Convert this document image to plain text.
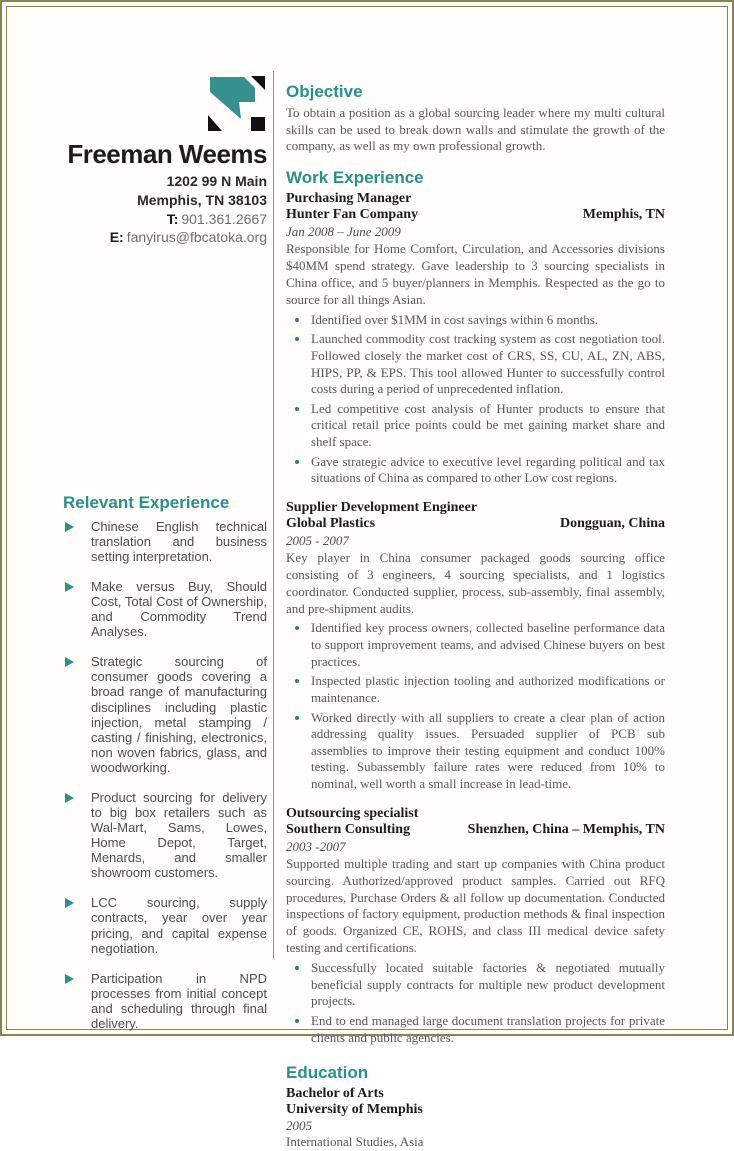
Freeman Weems
1202 99 N Main
Memphis, TN 38103
T: 901.361.2667
E: fanyirus@fbcatoka.org
Relevant Experience
Chinese English technical translation and business setting interpretation.
Make versus Buy, Should Cost, Total Cost of Ownership, and Commodity Trend Analyses.
Strategic sourcing of consumer goods covering a broad range of manufacturing disciplines including plastic injection, metal stamping / casting / finishing, electronics, non woven fabrics, glass, and woodworking.
Product sourcing for delivery to big box retailers such as Wal-Mart, Sams, Lowes, Home Depot, Target, Menards, and smaller showroom customers.
LCC sourcing, supply contracts, year over year pricing, and capital expense negotiation.
Participation in NPD processes from initial concept and scheduling through final delivery.
Objective

To obtain a position as a global sourcing leader where my multi cultural skills can be used to break down walls and stimulate the growth of the company, as well as my own professional growth.

Work Experience
Purchasing Manager
Hunter Fan Company	Memphis, TN
Jan 2008 – June 2009

Responsible for Home Comfort, Circulation, and Accessories divisions $40MM spend strategy. Gave leadership to 3 sourcing specialists in China office, and 5 buyer/planners in Memphis. Respected as the go to source for all things Asian.

Identified over $1MM in cost savings within 6 months.
Launched commodity cost tracking system as cost negotiation tool. Followed closely the market cost of CRS, SS, CU, AL, ZN, ABS, HIPS, PP, & EPS. This tool allowed Hunter to successfully control costs during a period of unprecedented inflation.
Led competitive cost analysis of Hunter products to ensure that critical retail price points could be met gaining market share and shelf space.
Gave strategic advice to executive level regarding political and tax situations of China as compared to other Low cost regions.
Supplier Development Engineer
Global Plastics	Dongguan, China
2005 - 2007

Key player in China consumer packaged goods sourcing office consisting of 3 engineers, 4 sourcing specialists, and 1 logistics coordinator. Conducted supplier, process, sub-assembly, final assembly, and pre-shipment audits.

Identified key process owners, collected baseline performance data to support improvement teams, and advised Chinese buyers on best practices.
Inspected plastic injection tooling and authorized modifications or maintenance.
Worked directly with all suppliers to create a clear plan of action addressing quality issues. Persuaded supplier of PCB sub assemblies to improve their testing equipment and conduct 100% testing. Subassembly failure rates were reduced from 10% to nominal, well worth a small increase in lead-time.
Outsourcing specialist
Southern Consulting	Shenzhen, China – Memphis, TN
2003 -2007

Supported multiple trading and start up companies with China product sourcing. Authorized/approved product samples. Carried out RFQ procedures, Purchase Orders & all follow up documentation. Conducted inspections of factory equipment, production methods & final inspection of goods. Organized CE, ROHS, and class III medical device safety testing and certifications.

Successfully located suitable factories & negotiated mutually beneficial supply contracts for multiple new product development projects.
End to end managed large document translation projects for private clients and public agencies.
Education
Bachelor of Arts
University of Memphis
2005
International Studies, Asia
